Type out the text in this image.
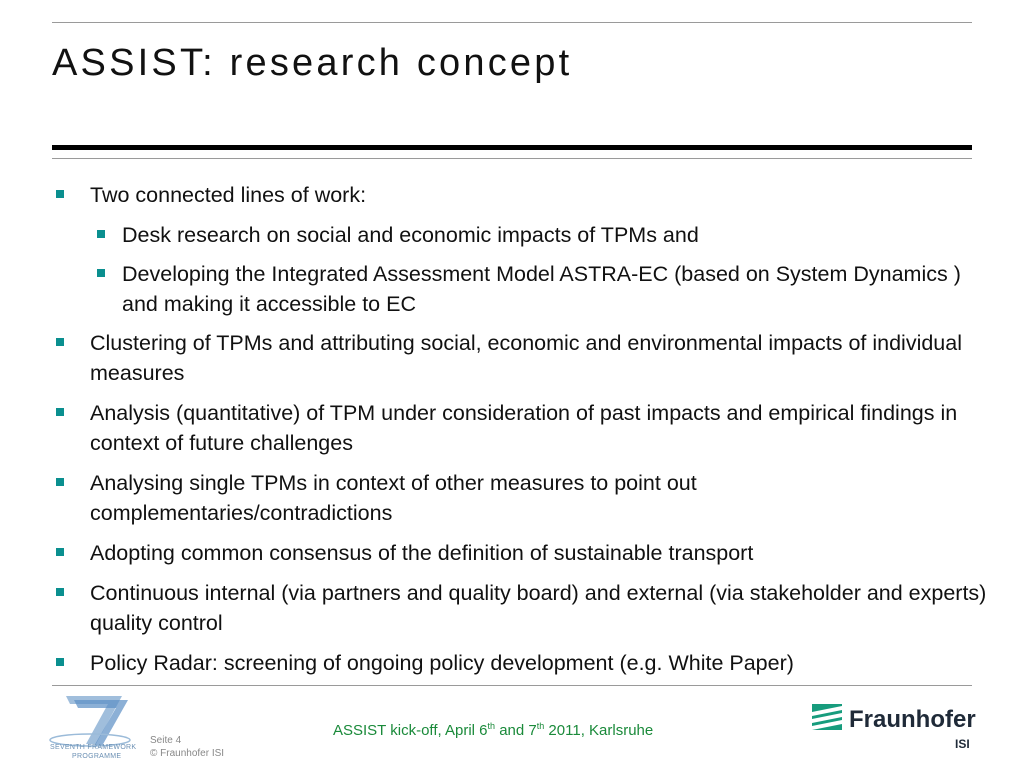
ASSIST: research concept
Two connected lines of work:
Desk research on social and economic impacts of TPMs and
Developing the Integrated Assessment Model ASTRA-EC (based on System Dynamics ) and making it accessible to EC
Clustering of TPMs and attributing social, economic and environmental impacts of individual measures
Analysis (quantitative) of TPM under consideration of past impacts and empirical findings in context of future challenges
Analysing single TPMs in context of other measures to point out complementaries/contradictions
Adopting common consensus of the definition of sustainable transport
Continuous internal (via partners and quality board) and external (via stakeholder and experts) quality control
Policy Radar: screening of ongoing policy development (e.g. White Paper)
SEVENTH FRAMEWORK
PROGRAMME
Seite 4
© Fraunhofer ISI
ASSIST kick-off, April 6th and 7th 2011, Karlsruhe	Fraunhofer
ISI
